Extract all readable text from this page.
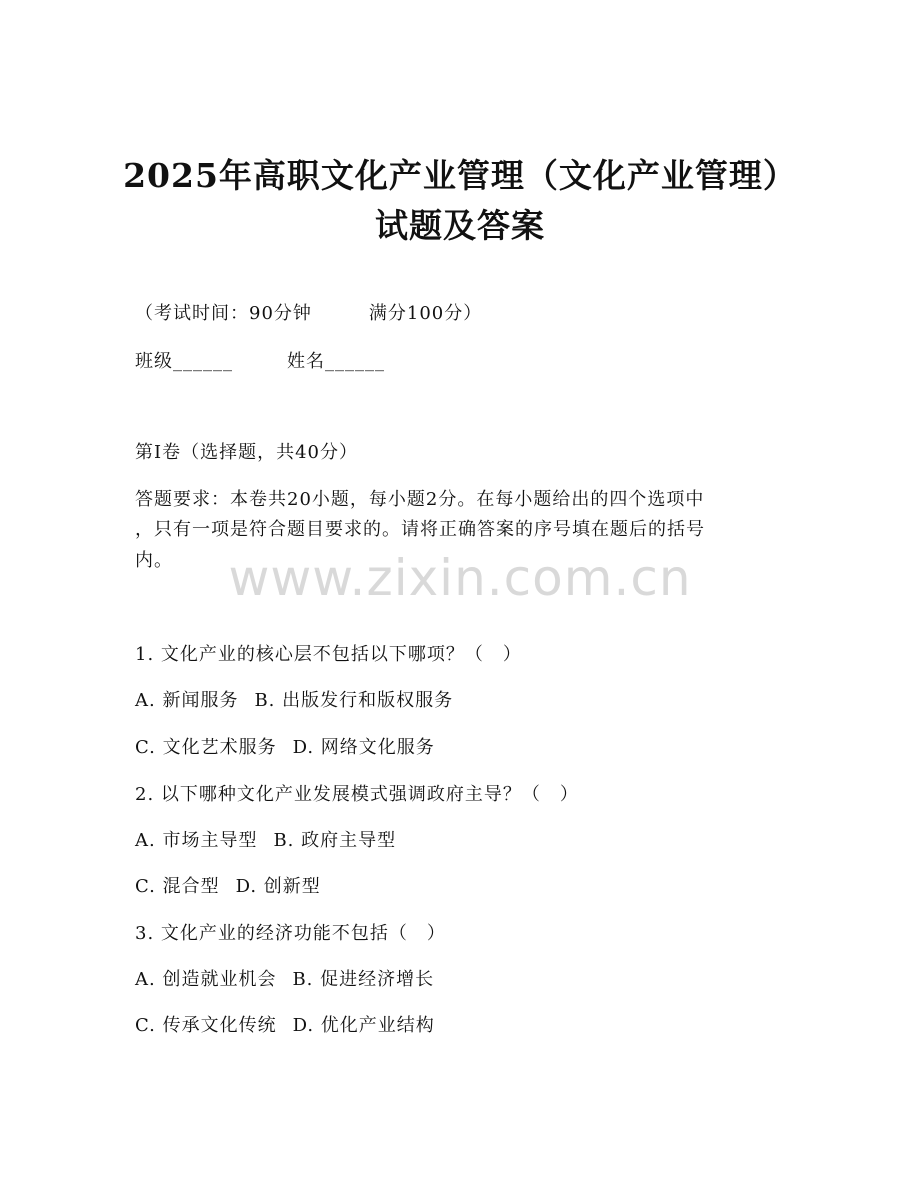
2025年高职文化产业管理（文化产业管理）
试题及答案
（考试时间：90分钟　　　满分100分）
班级______	姓名______
第I卷（选择题，共40分）
答题要求：本卷共20小题，每小题2分。在每小题给出的四个选项中
，只有一项是符合题目要求的。请将正确答案的序号填在题后的括号
内。	www.zixin.com.cn
1. 文化产业的核心层不包括以下哪项？（　）
A. 新闻服务 B. 出版发行和版权服务
C. 文化艺术服务 D. 网络文化服务
2. 以下哪种文化产业发展模式强调政府主导？（　）
A. 市场主导型 B. 政府主导型
C. 混合型 D. 创新型
3. 文化产业的经济功能不包括（　）
A. 创造就业机会 B. 促进经济增长
C. 传承文化传统 D. 优化产业结构
